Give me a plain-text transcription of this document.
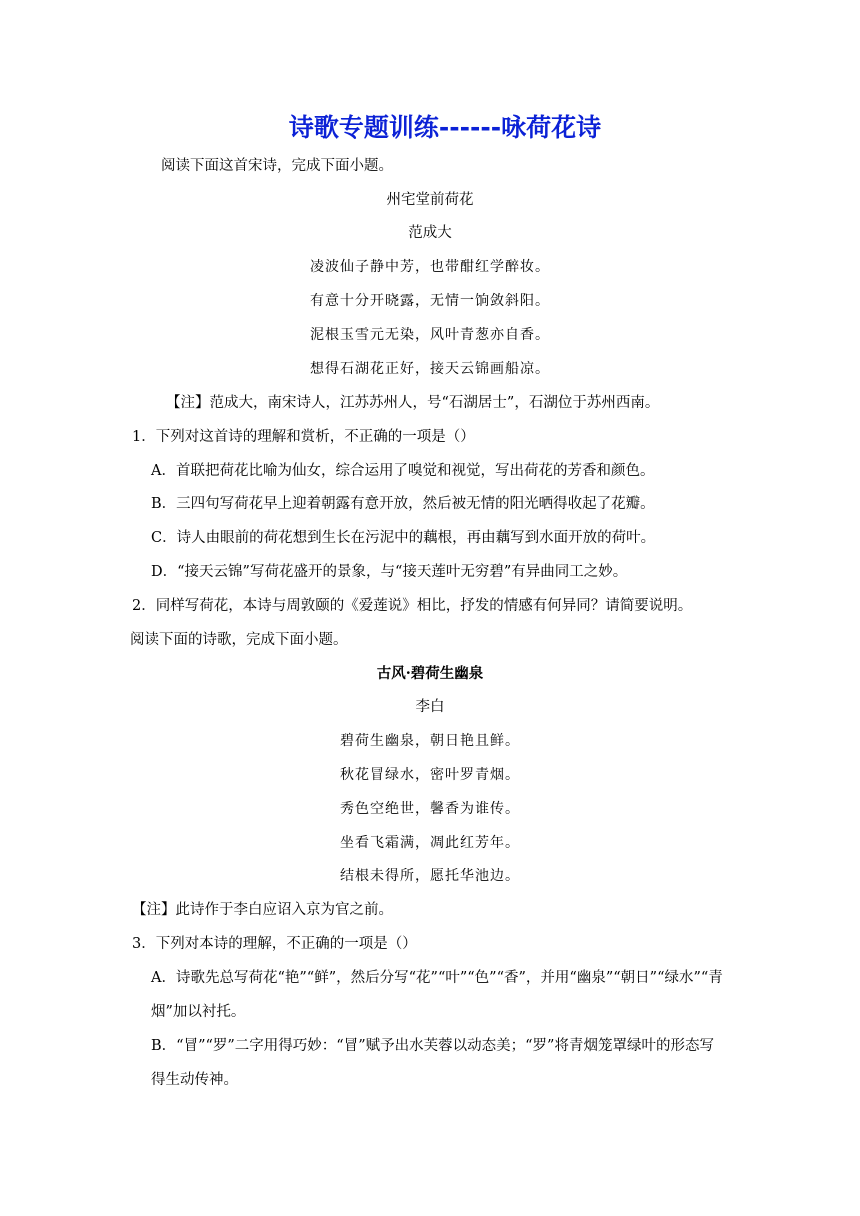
诗歌专题训练------咏荷花诗
阅读下面这首宋诗，完成下面小题。
州宅堂前荷花
范成大
凌波仙子静中芳，也带酣红学醉妆。
有意十分开晓露，无情一饷敛斜阳。
泥根玉雪元无染，风叶青葱亦自香。
想得石湖花正好，接天云锦画船凉。
【注】范成大，南宋诗人，江苏苏州人，号“石湖居士”，石湖位于苏州西南。
1．下列对这首诗的理解和赏析，不正确的一项是（）
A．首联把荷花比喻为仙女，综合运用了嗅觉和视觉，写出荷花的芳香和颜色。
B．三四句写荷花早上迎着朝露有意开放，然后被无情的阳光晒得收起了花瓣。
C．诗人由眼前的荷花想到生长在污泥中的藕根，再由藕写到水面开放的荷叶。
D．“接天云锦”写荷花盛开的景象，与“接天莲叶无穷碧”有异曲同工之妙。
2．同样写荷花，本诗与周敦颐的《爱莲说》相比，抒发的情感有何异同？请简要说明。
阅读下面的诗歌，完成下面小题。
古风·碧荷生幽泉
李白
碧荷生幽泉，朝日艳且鲜。
秋花冒绿水，密叶罗青烟。
秀色空绝世，馨香为谁传。
坐看飞霜满，凋此红芳年。
结根未得所，愿托华池边。
【注】此诗作于李白应诏入京为官之前。
3．下列对本诗的理解，不正确的一项是（）
A．诗歌先总写荷花“艳”“鲜”，然后分写“花”“叶”“色”“香”，并用“幽泉”“朝日”“绿水”“青
烟”加以衬托。
B．“冒”“罗”二字用得巧妙：“冒”赋予出水芙蓉以动态美；“罗”将青烟笼罩绿叶的形态写
得生动传神。
